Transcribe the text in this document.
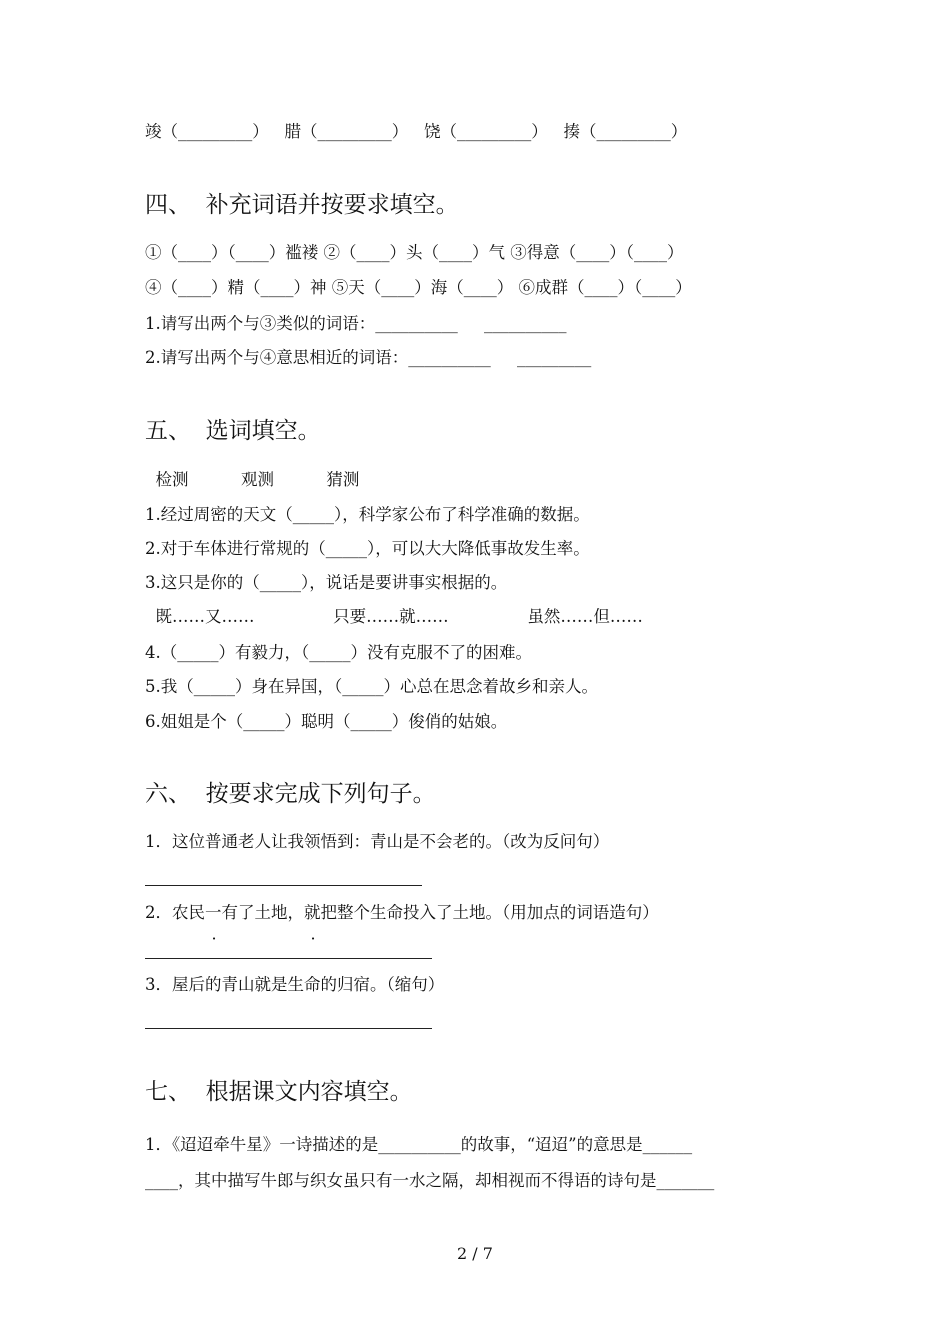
竣（_________）   腊（_________）   饶（_________）   揍（_________）
四、  补充词语并按要求填空。
①（____）（____）褴褛 ②（____）头（____）气 ③得意（____）（____）
④（____）精（____）神 ⑤天（____）海（____） ⑥成群（____）（____）
1.请写出两个与③类似的词语：__________     __________
2.请写出两个与④意思相近的词语：__________     _________
五、  选词填空。
检测          观测          猜测
1.经过周密的天文（_____），科学家公布了科学准确的数据。
2.对于车体进行常规的（_____），可以大大降低事故发生率。
3.这只是你的（_____），说话是要讲事实根据的。
既……又……               只要……就……               虽然……但……
4.（_____）有毅力，（_____）没有克服不了的困难。
5.我（_____）身在异国，（_____）心总在思念着故乡和亲人。
6.姐姐是个（_____）聪明（_____）俊俏的姑娘。
六、  按要求完成下列句子。
1．这位普通老人让我领悟到：青山是不会老的。（改为反问句）
2．农民一有了土地，就把整个生命投入了土地。（用加点的词语造句）
3．屋后的青山就是生命的归宿。（缩句）
七、  根据课文内容填空。
1．《迢迢牵牛星》一诗描述的是__________的故事，“迢迢”的意思是______
____，其中描写牛郎与织女虽只有一水之隔，却相视而不得语的诗句是_______
2 / 7
